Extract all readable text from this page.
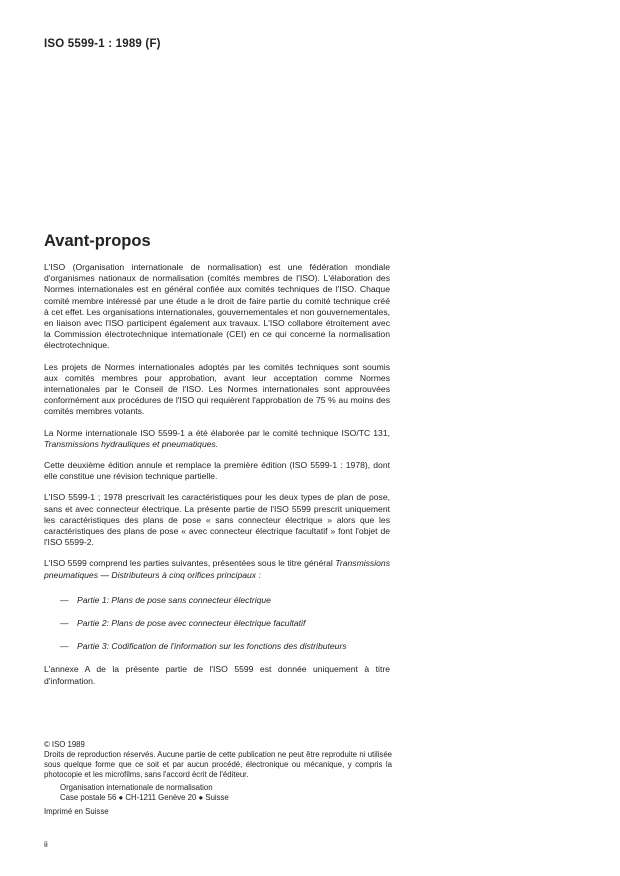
ISO 5599-1 : 1989 (F)
Avant-propos

L'ISO (Organisation internationale de normalisation) est une fédération mondiale d'organismes nationaux de normalisation (comités membres de l'ISO). L'élaboration des Normes internationales est en général confiée aux comités techniques de l'ISO. Chaque comité membre intéressé par une étude a le droit de faire partie du comité technique créé à cet effet. Les organisations internationales, gouvernementales et non gouvernementales, en liaison avec l'ISO participent également aux travaux. L'ISO collabore étroitement avec la Commission électrotechnique internationale (CEI) en ce qui concerne la normalisation électrotechnique.

Les projets de Normes internationales adoptés par les comités techniques sont soumis aux comités membres pour approbation, avant leur acceptation comme Normes internationales par le Conseil de l'ISO. Les Normes internationales sont approuvées conformément aux procédures de l'ISO qui requièrent l'approbation de 75 % au moins des comités membres votants.

La Norme internationale ISO 5599-1 a été élaborée par le comité technique ISO/TC 131, Transmissions hydrauliques et pneumatiques.

Cette deuxième édition annule et remplace la première édition (ISO 5599-1 : 1978), dont elle constitue une révision technique partielle.

L'ISO 5599-1 ; 1978 prescrivait les caractéristiques pour les deux types de plan de pose, sans et avec connecteur électrique. La présente partie de l'ISO 5599 prescrit uniquement les caractéristiques des plans de pose « sans connecteur électrique » alors que les caractéristiques des plans de pose « avec connecteur électrique facultatif » font l'objet de l'ISO 5599-2.

L'ISO 5599 comprend les parties suivantes, présentées sous le titre général Transmissions pneumatiques — Distributeurs à cinq orifices principaux :

— Partie 1: Plans de pose sans connecteur électrique
— Partie 2: Plans de pose avec connecteur électrique facultatif
— Partie 3: Codification de l'information sur les fonctions des distributeurs

L'annexe A de la présente partie de l'ISO 5599 est donnée uniquement à titre d'information.

© ISO 1989
Droits de reproduction réservés. Aucune partie de cette publication ne peut être reproduite ni utilisée sous quelque forme que ce soit et par aucun procédé, électronique ou mécanique, y compris la photocopie et les microfilms, sans l'accord écrit de l'éditeur.
Organisation internationale de normalisation
Case postale 56 ● CH-1211 Genève 20 ● Suisse
Imprimé en Suisse
ii
